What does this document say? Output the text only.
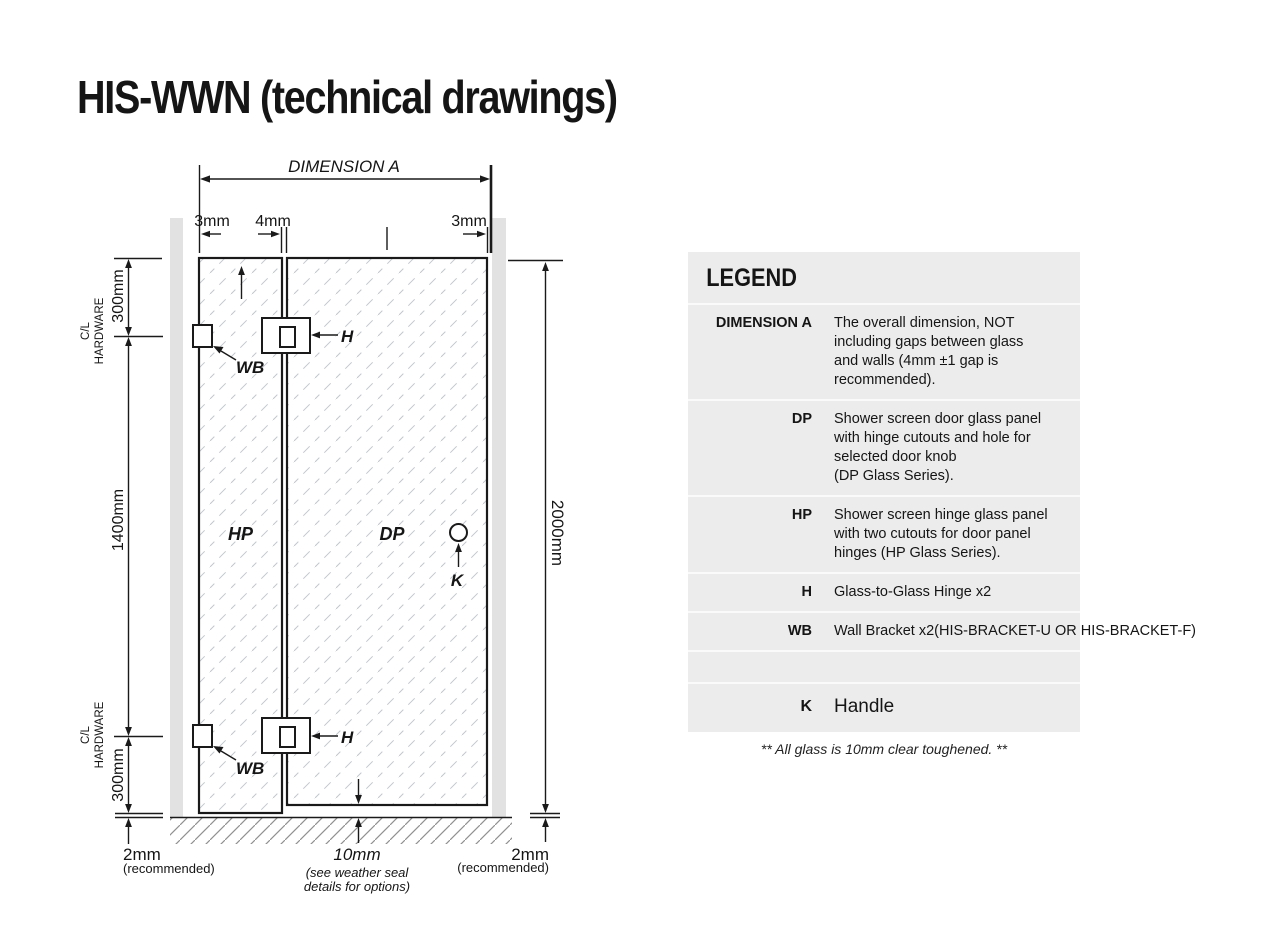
HIS-WWN (technical drawings)
DIMENSION A
3mm 4mm	3mm
300mm
1400mm
300mm
C/L HARDWARE
C/L HARDWARE
2000mm
HP	DP
H
H
WB
WB
K
2mm
(recommended)
10mm
(see weather seal
details for options)
2mm
(recommended)
LEGEND
DIMENSION A The overall dimension, NOT
including gaps between glass
and walls (4mm ±1 gap is
recommended).
DP Shower screen door glass panel
with hinge cutouts and hole for
selected door knob
(DP Glass Series).
HP Shower screen hinge glass panel
with two cutouts for door panel
hinges (HP Glass Series).
H Glass-to-Glass Hinge x2
WB Wall Bracket x2(HIS-BRACKET-U OR HIS-BRACKET-F)
K Handle
** All glass is 10mm clear toughened. **
